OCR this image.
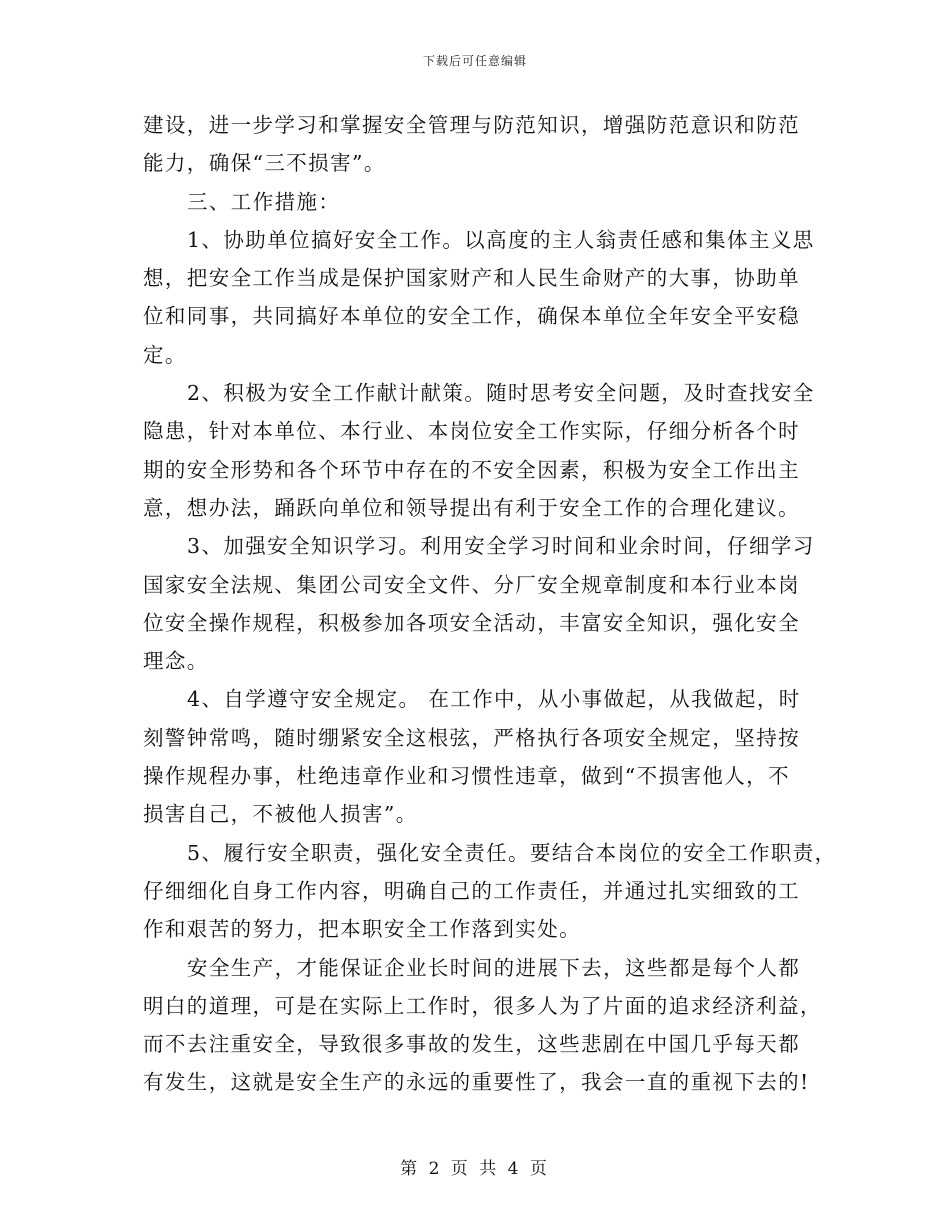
下载后可任意编辑
建设，进一步学习和掌握安全管理与防范知识，增强防范意识和防范
能力，确保“三不损害”。
三、工作措施：
1、协助单位搞好安全工作。以高度的主人翁责任感和集体主义思
想，把安全工作当成是保护国家财产和人民生命财产的大事，协助单
位和同事，共同搞好本单位的安全工作，确保本单位全年安全平安稳
定。
2、积极为安全工作献计献策。随时思考安全问题，及时查找安全
隐患，针对本单位、本行业、本岗位安全工作实际，仔细分析各个时
期的安全形势和各个环节中存在的不安全因素，积极为安全工作出主
意，想办法，踊跃向单位和领导提出有利于安全工作的合理化建议。
3、加强安全知识学习。利用安全学习时间和业余时间，仔细学习
国家安全法规、集团公司安全文件、分厂安全规章制度和本行业本岗
位安全操作规程，积极参加各项安全活动，丰富安全知识，强化安全
理念。
4、自学遵守安全规定。 在工作中，从小事做起，从我做起，时
刻警钟常鸣，随时绷紧安全这根弦，严格执行各项安全规定，坚持按
操作规程办事，杜绝违章作业和习惯性违章，做到“不损害他人，不
损害自己，不被他人损害”。
5、履行安全职责，强化安全责任。要结合本岗位的安全工作职责，
仔细细化自身工作内容，明确自己的工作责任，并通过扎实细致的工
作和艰苦的努力，把本职安全工作落到实处。
安全生产，才能保证企业长时间的进展下去，这些都是每个人都
明白的道理，可是在实际上工作时，很多人为了片面的追求经济利益，
而不去注重安全，导致很多事故的发生，这些悲剧在中国几乎每天都
有发生，这就是安全生产的永远的重要性了，我会一直的重视下去的!
第 2 页 共 4 页
